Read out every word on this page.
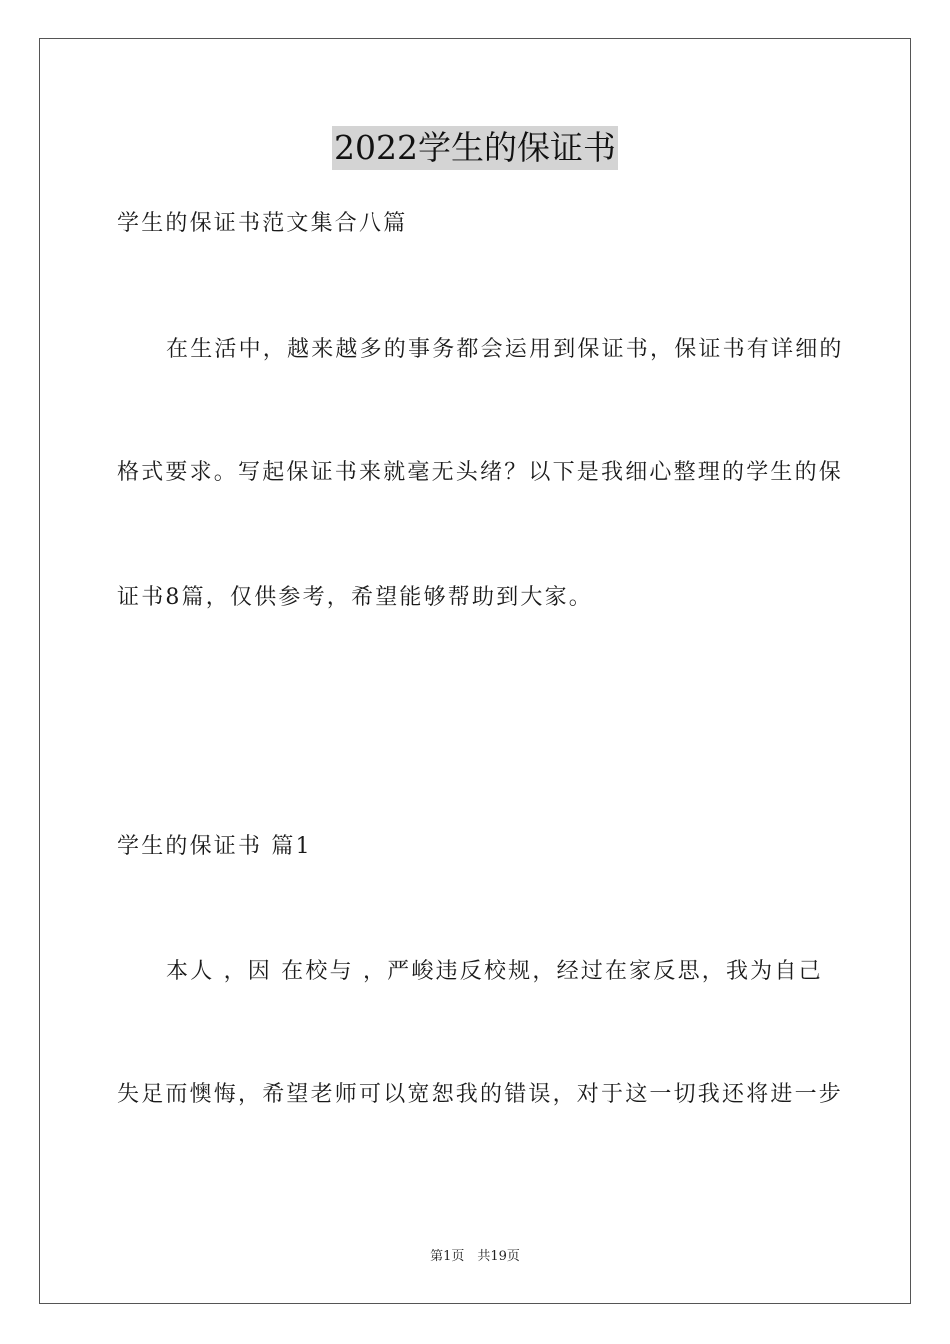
2022学生的保证书
学生的保证书范文集合八篇
在生活中，越来越多的事务都会运用到保证书，保证书有详细的
格式要求。写起保证书来就毫无头绪？以下是我细心整理的学生的保
证书8篇，仅供参考，希望能够帮助到大家。
学生的保证书 篇1
本人 ，因 在校与 ，严峻违反校规，经过在家反思，我为自己
失足而懊悔，希望老师可以宽恕我的错误，对于这一切我还将进一步
第1页　共19页
